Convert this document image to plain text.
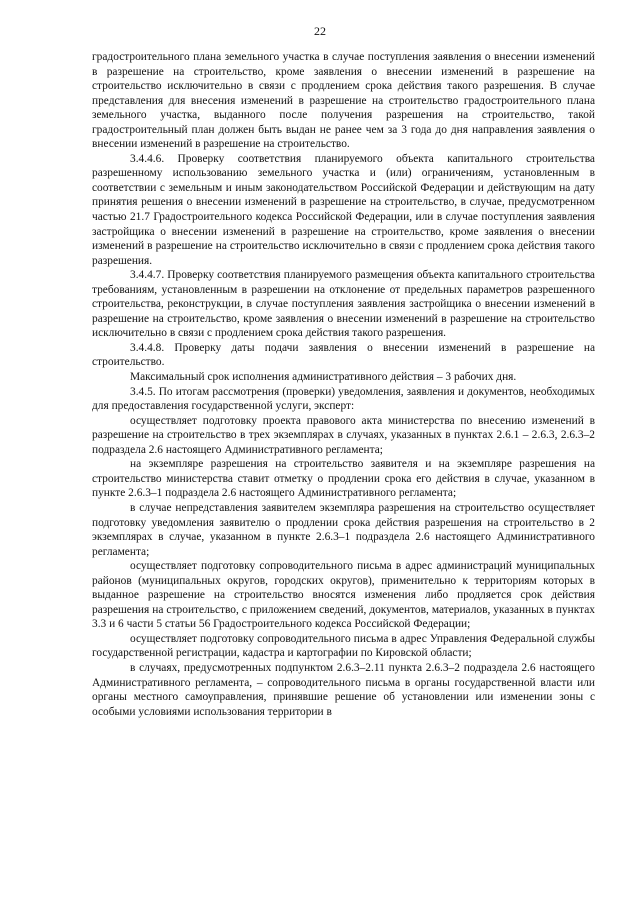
22

градостроительного плана земельного участка в случае поступления заявления о внесении изменений в разрешение на строительство, кроме заявления о внесении изменений в разрешение на строительство исключительно в связи с продлением срока действия такого разрешения. В случае представления для внесения изменений в разрешение на строительство градостроительного плана земельного участка, выданного после получения разрешения на строительство, такой градостроительный план должен быть выдан не ранее чем за 3 года до дня направления заявления о внесении изменений в разрешение на строительство.

3.4.4.6. Проверку соответствия планируемого объекта капитального строительства разрешенному использованию земельного участка и (или) ограничениям, установленным в соответствии с земельным и иным законодательством Российской Федерации и действующим на дату принятия решения о внесении изменений в разрешение на строительство, в случае, предусмотренном частью 21.7 Градостроительного кодекса Российской Федерации, или в случае поступления заявления застройщика о внесении изменений в разрешение на строительство, кроме заявления о внесении изменений в разрешение на строительство исключительно в связи с продлением срока действия такого разрешения.

3.4.4.7. Проверку соответствия планируемого размещения объекта капитального строительства требованиям, установленным в разрешении на отклонение от предельных параметров разрешенного строительства, реконструкции, в случае поступления заявления застройщика о внесении изменений в разрешение на строительство, кроме заявления о внесении изменений в разрешение на строительство исключительно в связи с продлением срока действия такого разрешения.

3.4.4.8. Проверку даты подачи заявления о внесении изменений в разрешение на строительство.

Максимальный срок исполнения административного действия – 3 рабочих дня.

3.4.5. По итогам рассмотрения (проверки) уведомления, заявления и документов, необходимых для предоставления государственной услуги, эксперт:

осуществляет подготовку проекта правового акта министерства по внесению изменений в разрешение на строительство в трех экземплярах в случаях, указанных в пунктах 2.6.1 – 2.6.3, 2.6.3–2 подраздела 2.6 настоящего Административного регламента;

на экземпляре разрешения на строительство заявителя и на экземпляре разрешения на строительство министерства ставит отметку о продлении срока его действия в случае, указанном в пункте 2.6.3–1 подраздела 2.6 настоящего Административного регламента;

в случае непредставления заявителем экземпляра разрешения на строительство осуществляет подготовку уведомления заявителю о продлении срока действия разрешения на строительство в 2 экземплярах в случае, указанном в пункте 2.6.3–1 подраздела 2.6 настоящего Административного регламента;

осуществляет подготовку сопроводительного письма в адрес администраций муниципальных районов (муниципальных округов, городских округов), применительно к территориям которых в выданное разрешение на строительство вносятся изменения либо продляется срок действия разрешения на строительство, с приложением сведений, документов, материалов, указанных в пунктах 3.3 и 6 части 5 статьи 56 Градостроительного кодекса Российской Федерации;

осуществляет подготовку сопроводительного письма в адрес Управления Федеральной службы государственной регистрации, кадастра и картографии по Кировской области;

в случаях, предусмотренных подпунктом 2.6.3–2.11 пункта 2.6.3–2 подраздела 2.6 настоящего Административного регламента, – сопроводительного письма в органы государственной власти или органы местного самоуправления, принявшие решение об установлении или изменении зоны с особыми условиями использования территории в
